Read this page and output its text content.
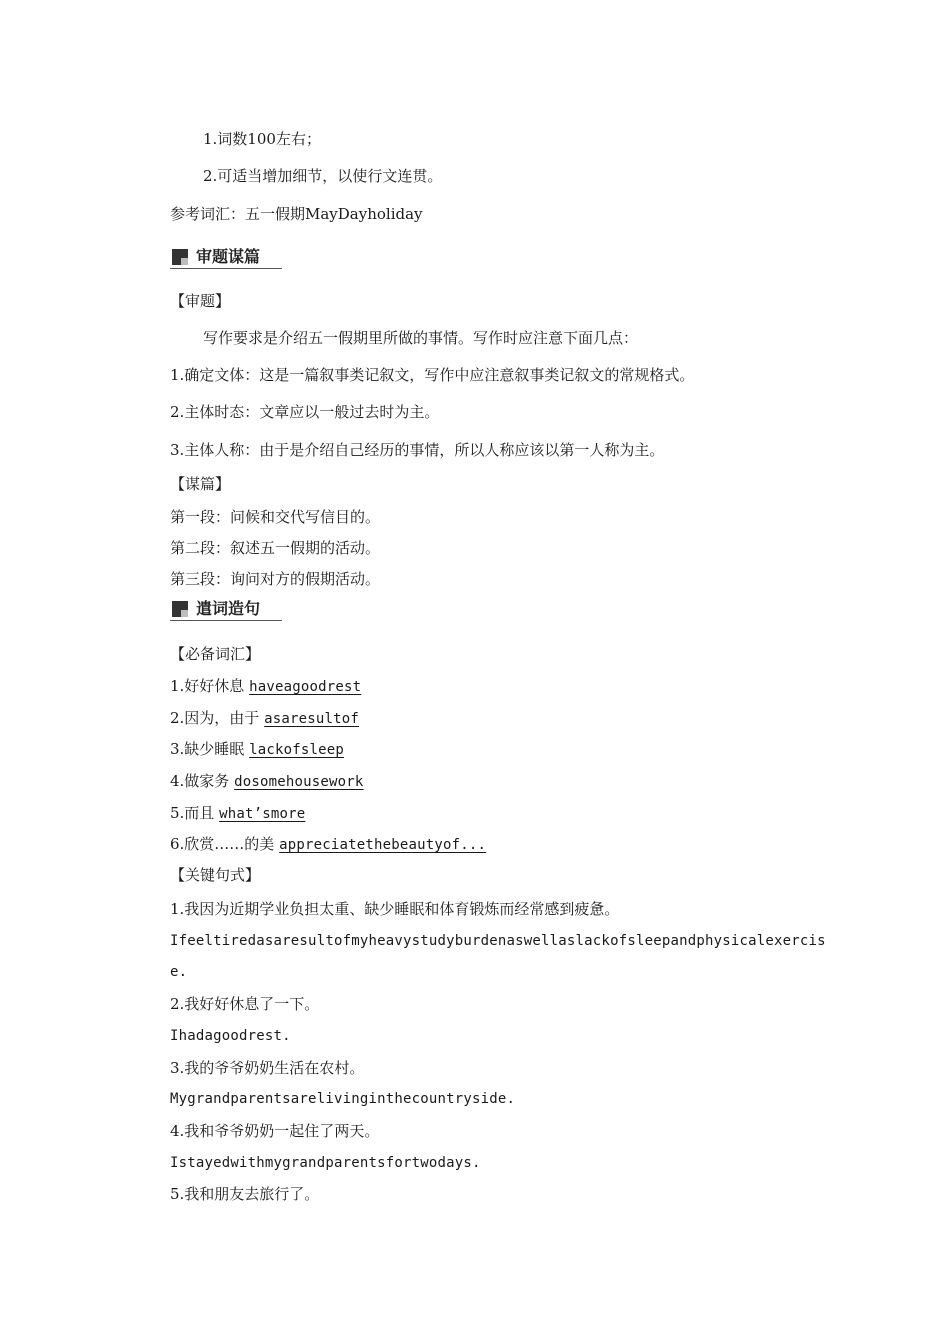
1.词数100左右；
2.可适当增加细节，以使行文连贯。
参考词汇：五一假期MayDayholiday
审题谋篇
【审题】
写作要求是介绍五一假期里所做的事情。写作时应注意下面几点：
1.确定文体：这是一篇叙事类记叙文，写作中应注意叙事类记叙文的常规格式。
2.主体时态：文章应以一般过去时为主。
3.主体人称：由于是介绍自己经历的事情，所以人称应该以第一人称为主。
【谋篇】
第一段：问候和交代写信目的。
第二段：叙述五一假期的活动。
第三段：询问对方的假期活动。
遣词造句
【必备词汇】
1.好好休息 haveagoodrest
2.因为，由于 asaresultof
3.缺少睡眠 lackofsleep
4.做家务 dosomehousework
5.而且 what’smore
6.欣赏……的美 appreciatethebeautyof...
【关键句式】
1.我因为近期学业负担太重、缺少睡眠和体育锻炼而经常感到疲惫。
Ifeeltiredasaresultofmyheavystudyburdenaswellaslackofsleepandphysicalexercis
e.
2.我好好休息了一下。
Ihadagoodrest.
3.我的爷爷奶奶生活在农村。
Mygrandparentsarelivinginthecountryside.
4.我和爷爷奶奶一起住了两天。
Istayedwithmygrandparentsfortwodays.
5.我和朋友去旅行了。
